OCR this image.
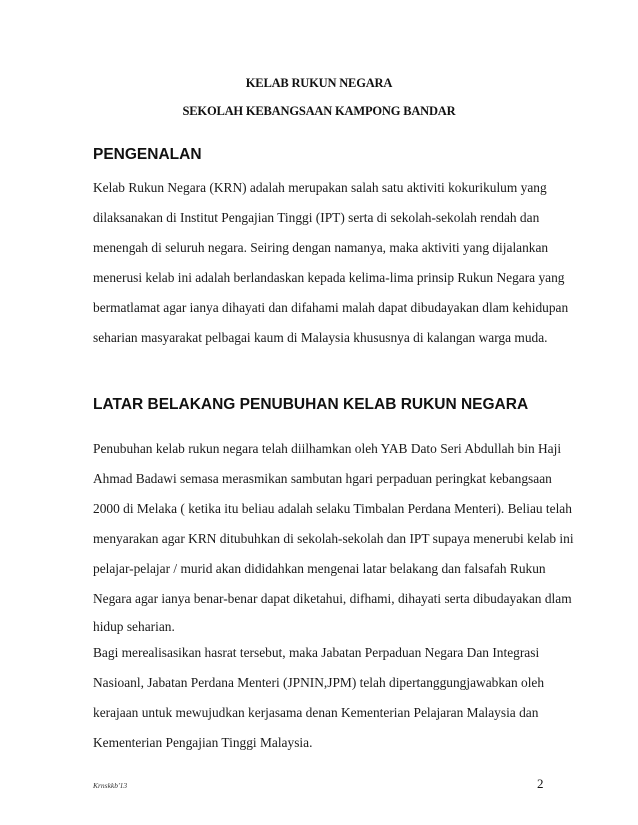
KELAB RUKUN NEGARA
SEKOLAH KEBANGSAAN KAMPONG BANDAR
PENGENALAN
Kelab Rukun Negara (KRN) adalah merupakan salah satu aktiviti kokurikulum yang
dilaksanakan di Institut Pengajian Tinggi (IPT) serta di sekolah-sekolah rendah dan
menengah di seluruh negara. Seiring dengan namanya, maka aktiviti yang dijalankan
menerusi kelab ini adalah berlandaskan kepada kelima-lima prinsip Rukun Negara yang
bermatlamat agar ianya dihayati dan difahami malah dapat dibudayakan dlam kehidupan
seharian masyarakat pelbagai kaum di Malaysia khususnya di kalangan warga muda.
LATAR BELAKANG PENUBUHAN KELAB RUKUN NEGARA
Penubuhan kelab rukun negara telah diilhamkan oleh YAB Dato Seri Abdullah bin Haji
Ahmad Badawi semasa merasmikan sambutan hgari perpaduan peringkat kebangsaan
2000 di Melaka ( ketika itu beliau adalah selaku Timbalan Perdana Menteri). Beliau telah
menyarakan agar KRN ditubuhkan di sekolah-sekolah dan IPT supaya menerubi kelab ini
pelajar-pelajar / murid akan dididahkan mengenai latar belakang dan falsafah Rukun
Negara agar ianya benar-benar dapat diketahui, difhami, dihayati serta dibudayakan dlam
hidup seharian.
Bagi merealisasikan hasrat tersebut, maka Jabatan Perpaduan Negara Dan Integrasi
Nasioanl, Jabatan Perdana Menteri (JPNIN,JPM) telah dipertanggungjawabkan oleh
kerajaan untuk mewujudkan kerjasama denan Kementerian Pelajaran Malaysia dan
Kementerian Pengajian Tinggi Malaysia.
Krnskkb'13	2
